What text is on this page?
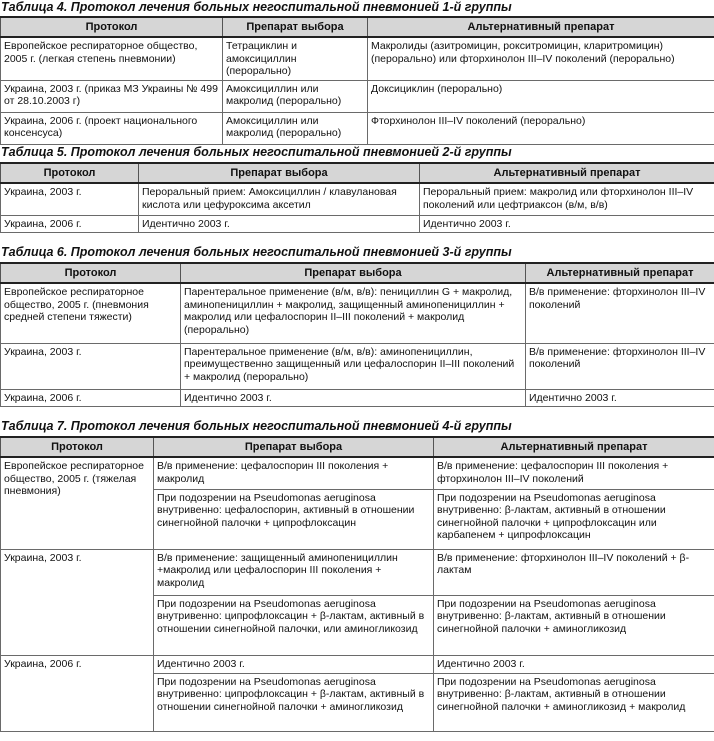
Таблица 4. Протокол лечения больных негоспитальной пневмонией 1-й группы
Протокол	Препарат выбора	Альтернативный препарат
Европейское респираторное общество, 2005 г. (легкая степень пневмонии)	Тетрациклин и амоксициллин (перорально)	Макролиды (азитромицин, рокситромицин, кларитромицин) (перорально) или фторхинолон III–IV поколений (перорально)
Украина, 2003 г. (приказ МЗ Украины № 499 от 28.10.2003 г)	Амоксициллин или макролид (перорально)	Доксициклин (перорально)
Украина, 2006 г. (проект национального консенсуса)	Амоксициллин или макролид (перорально)	Фторхинолон III–IV поколений (перорально)
Таблица 5. Протокол лечения больных негоспитальной пневмонией 2-й группы
Протокол	Препарат выбора	Альтернативный препарат
Украина, 2003 г.	Пероральный прием: Амоксициллин / клавулановая кислота или цефуроксима аксетил	Пероральный прием: макролид или фторхинолон III–IV поколений или цефтриаксон (в/м, в/в)
Украина, 2006 г.	Идентично 2003 г.	Идентично 2003 г.
Таблица 6. Протокол лечения больных негоспитальной пневмонией 3-й группы
Протокол	Препарат выбора	Альтернативный препарат
Европейское респираторное общество, 2005 г. (пневмония средней степени тяжести)	Парентеральное применение (в/м, в/в): пенициллин G + макролид, аминопенициллин + макролид, защищенный аминопенициллин + макролид или цефалоспорин II–III поколений + макролид (перорально)	В/в применение: фторхинолон III–IV поколений
Украина, 2003 г.	Парентеральное применение (в/м, в/в): аминопенициллин, преимущественно защищенный или цефалоспорин II–III поколений + макролид (перорально)	В/в применение: фторхинолон III–IV поколений
Украина, 2006 г.	Идентично 2003 г.	Идентично 2003 г.
Таблица 7. Протокол лечения больных негоспитальной пневмонией 4-й группы
Протокол	Препарат выбора	Альтернативный препарат
Европейское респираторное общество, 2005 г. (тяжелая пневмония)	В/в применение: цефалоспорин III поколения + макролид	В/в применение: цефалоспорин III поколения + фторхинолон III–IV поколений
	При подозрении на Pseudomonas aeruginosa внутривенно: цефалоспорин, активный в отношении синегнойной палочки + ципрофлоксацин	При подозрении на Pseudomonas aeruginosa внутривенно: β-лактам, активный в отношении синегнойной палочки + ципрофлоксацин или карбапенем + ципрофлоксацин
Украина, 2003 г.	В/в применение: защищенный аминопенициллин +макролид или цефалоспорин III поколения + макролид	В/в применение: фторхинолон III–IV поколений + β-лактам
	При подозрении на Pseudomonas aeruginosa внутривенно: ципрофлоксацин + β-лактам, активный в отношении синегнойной палочки, или аминогликозид	При подозрении на Pseudomonas aeruginosa внутривенно: β-лактам, активный в отношении синегнойной палочки + аминогликозид
Украина, 2006 г.	Идентично 2003 г.	Идентично 2003 г.
	При подозрении на Pseudomonas aeruginosa внутривенно: ципрофлоксацин + β-лактам, активный в отношении синегнойной палочки + аминогликозид	При подозрении на Pseudomonas aeruginosa внутривенно: β-лактам, активный в отношении синегнойной палочки + аминогликозид + макролид
